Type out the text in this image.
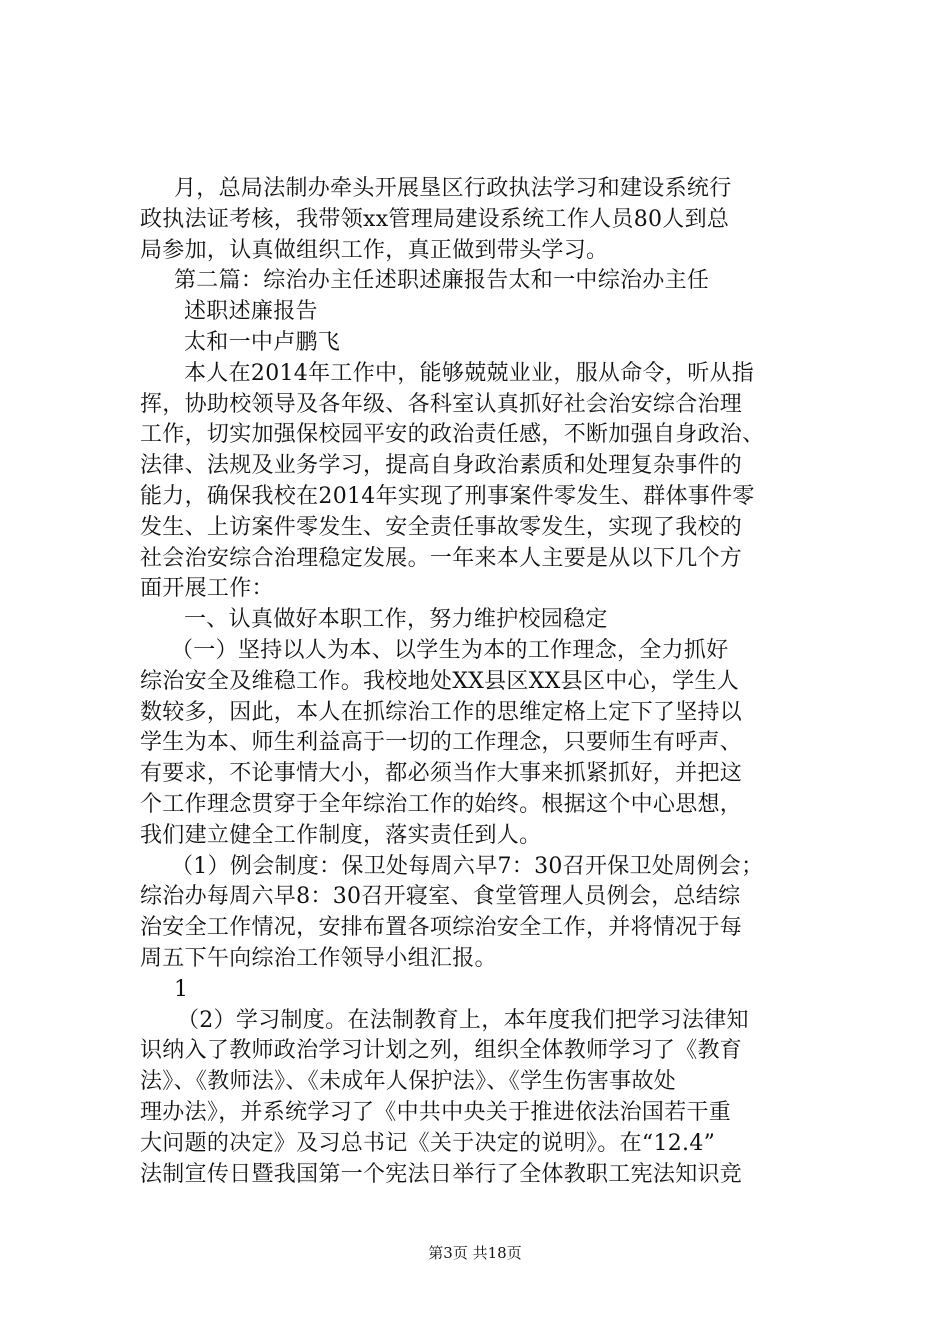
月，总局法制办牵头开展垦区行政执法学习和建设系统行
政执法证考核，我带领xx管理局建设系统工作人员80人到总
局参加，认真做组织工作，真正做到带头学习。
第二篇：综治办主任述职述廉报告太和一中综治办主任
述职述廉报告
太和一中卢鹏飞
本人在2014年工作中，能够兢兢业业，服从命令，听从指
挥，协助校领导及各年级、各科室认真抓好社会治安综合治理
工作，切实加强保校园平安的政治责任感，不断加强自身政治、
法律、法规及业务学习，提高自身政治素质和处理复杂事件的
能力，确保我校在2014年实现了刑事案件零发生、群体事件零
发生、上访案件零发生、安全责任事故零发生，实现了我校的
社会治安综合治理稳定发展。一年来本人主要是从以下几个方
面开展工作：
一、认真做好本职工作，努力维护校园稳定
（一）坚持以人为本、以学生为本的工作理念，全力抓好
综治安全及维稳工作。我校地处XX县区XX县区中心，学生人
数较多，因此，本人在抓综治工作的思维定格上定下了坚持以
学生为本、师生利益高于一切的工作理念，只要师生有呼声、
有要求，不论事情大小，都必须当作大事来抓紧抓好，并把这
个工作理念贯穿于全年综治工作的始终。根据这个中心思想，
我们建立健全工作制度，落实责任到人。
（1）例会制度：保卫处每周六早7：30召开保卫处周例会；
综治办每周六早8：30召开寝室、食堂管理人员例会，总结综
治安全工作情况，安排布置各项综治安全工作，并将情况于每
周五下午向综治工作领导小组汇报。
1
（2）学习制度。在法制教育上，本年度我们把学习法律知
识纳入了教师政治学习计划之列，组织全体教师学习了《教育
法》、《教师法》、《未成年人保护法》、《学生伤害事故处
理办法》，并系统学习了《中共中央关于推进依法治国若干重
大问题的决定》及习总书记《关于决定的说明》。在“12.4”
法制宣传日暨我国第一个宪法日举行了全体教职工宪法知识竞
第3页 共18页
